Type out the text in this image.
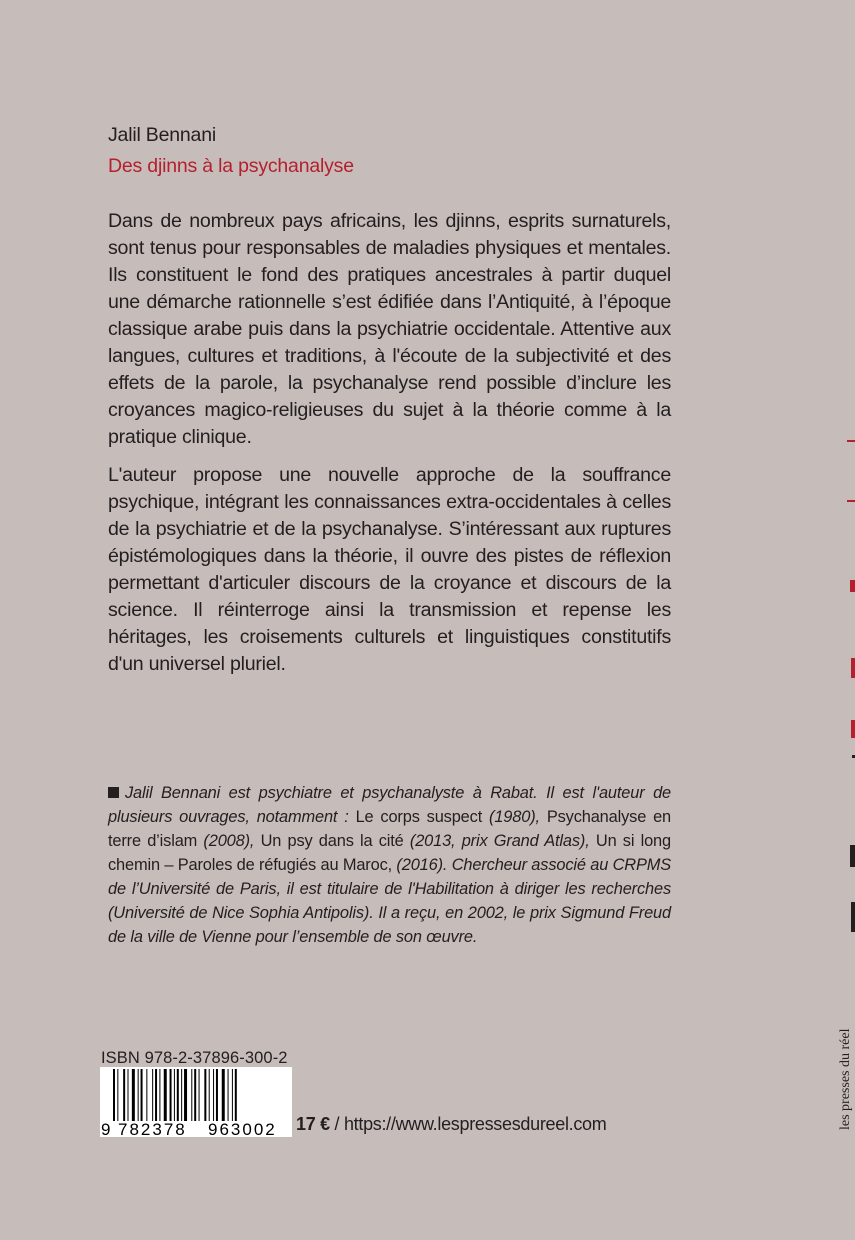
Jalil Bennani
Des djinns à la psychanalyse

Dans de nombreux pays africains, les djinns, esprits surnaturels, sont tenus pour responsables de maladies physiques et mentales. Ils constituent le fond des pratiques ancestrales à partir duquel une démarche rationnelle s’est édifiée dans l’Antiquité, à l’époque classique arabe puis dans la psychiatrie occidentale. Attentive aux langues, cultures et traditions, à l'écoute de la subjectivité et des effets de la parole, la psychanalyse rend possible d’inclure les croyances magico-religieuses du sujet à la théorie comme à la pratique clinique.

L'auteur propose une nouvelle approche de la souffrance psychique, intégrant les connaissances extra-occidentales à celles de la psychiatrie et de la psychanalyse. S’intéressant aux ruptures épistémologiques dans la théorie, il ouvre des pistes de réflexion permettant d'articuler discours de la croyance et discours de la science. Il réinterroge ainsi la transmission et repense les héritages, les croisements culturels et linguistiques constitutifs d'un universel pluriel.

Jalil Bennani est psychiatre et psychanalyste à Rabat. Il est l'auteur de plusieurs ouvrages, notamment : Le corps suspect (1980), Psychanalyse en terre d’islam (2008), Un psy dans la cité (2013, prix Grand Atlas), Un si long chemin – Paroles de réfugiés au Maroc, (2016). Chercheur associé au CRPMS de l’Université de Paris, il est titulaire de l'Habilitation à diriger les recherches (Université de Nice Sophia Antipolis). Il a reçu, en 2002, le prix Sigmund Freud de la ville de Vienne pour l’ensemble de son œuvre.

ISBN 978-2-37896-300-2
9 782378 963002 17 € / https://www.lespressesdureel.com	les presses du réel
